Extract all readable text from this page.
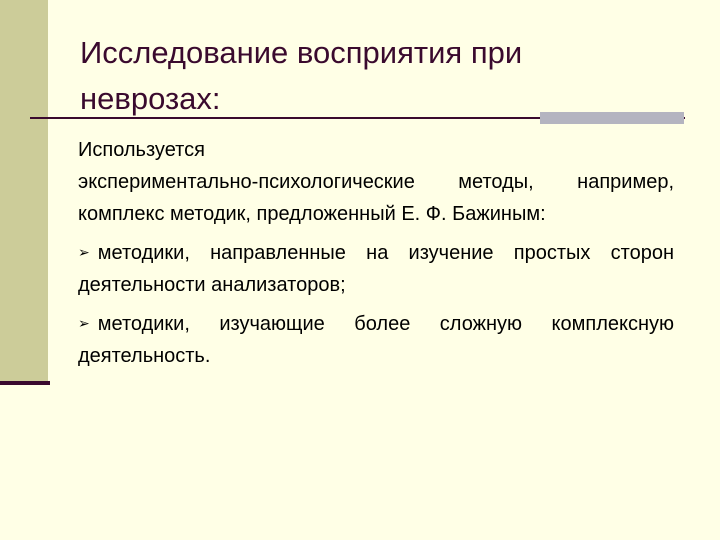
Исследование восприятия при неврозах:

Используется
экспериментально-психологические методы, например, комплекс методик, предложенный Е. Ф. Бажиным:

➢ методики, направленные на изучение простых сторон деятельности анализаторов;

➢ методики, изучающие более сложную комплексную деятельность.
